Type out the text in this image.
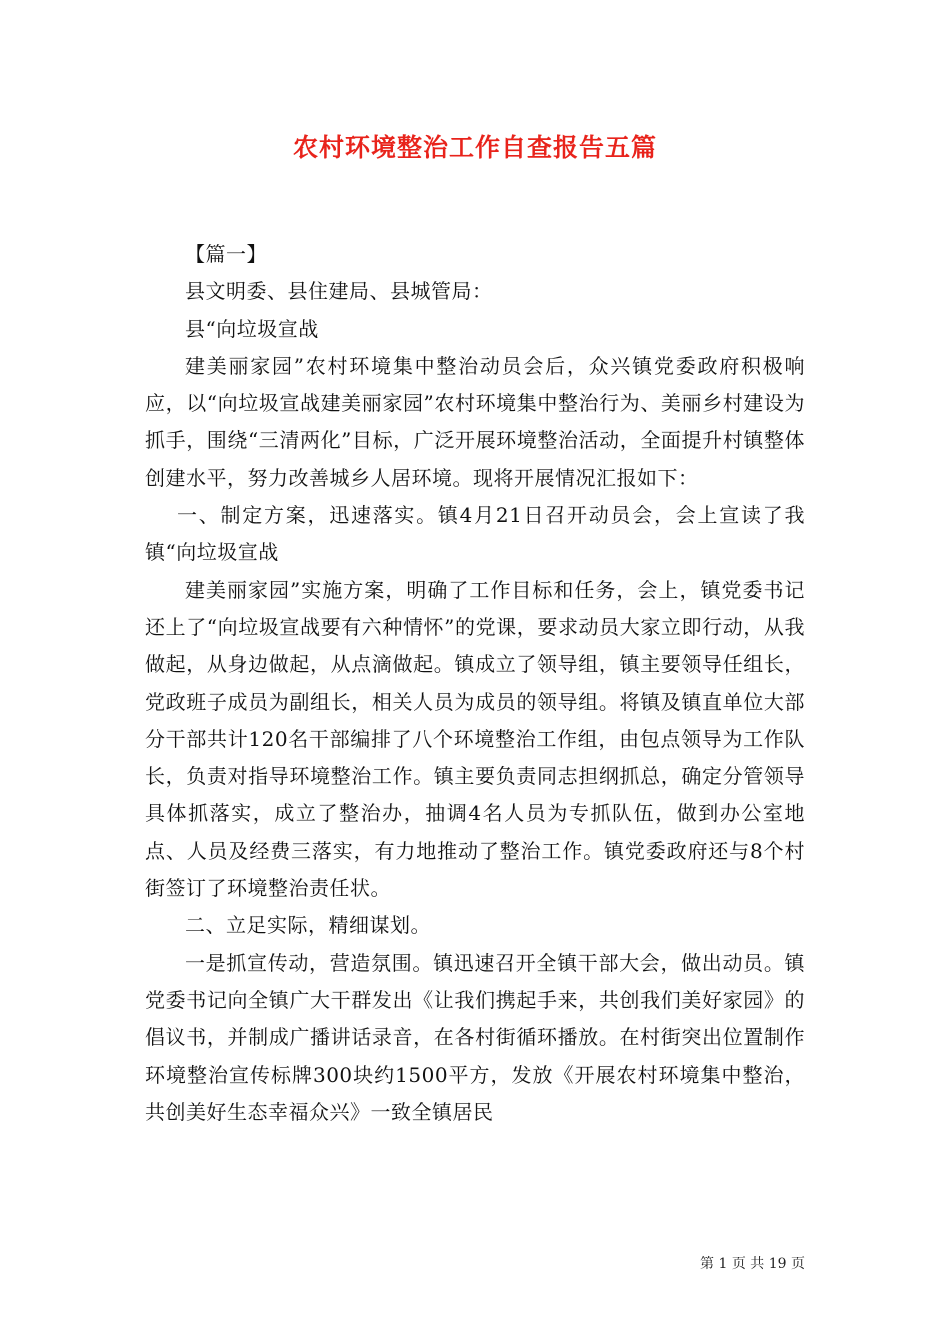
农村环境整治工作自查报告五篇

【篇一】

县文明委、县住建局、县城管局：

县“向垃圾宣战

建美丽家园”农村环境集中整治动员会后，众兴镇党委政府积极响应，以“向垃圾宣战建美丽家园”农村环境集中整治行为、美丽乡村建设为抓手，围绕“三清两化”目标，广泛开展环境整治活动，全面提升村镇整体创建水平，努力改善城乡人居环境。现将开展情况汇报如下：

一、制定方案，迅速落实。镇4月21日召开动员会，会上宣读了我镇“向垃圾宣战

建美丽家园”实施方案，明确了工作目标和任务，会上，镇党委书记还上了“向垃圾宣战要有六种情怀”的党课，要求动员大家立即行动，从我做起，从身边做起，从点滴做起。镇成立了领导组，镇主要领导任组长，党政班子成员为副组长，相关人员为成员的领导组。将镇及镇直单位大部分干部共计120名干部编排了八个环境整治工作组，由包点领导为工作队长，负责对指导环境整治工作。镇主要负责同志担纲抓总，确定分管领导具体抓落实，成立了整治办，抽调4名人员为专抓队伍，做到办公室地点、人员及经费三落实，有力地推动了整治工作。镇党委政府还与8个村街签订了环境整治责任状。

二、立足实际，精细谋划。

一是抓宣传动，营造氛围。镇迅速召开全镇干部大会，做出动员。镇党委书记向全镇广大干群发出《让我们携起手来，共创我们美好家园》的倡议书，并制成广播讲话录音，在各村街循环播放。在村街突出位置制作环境整治宣传标牌300块约1500平方，发放《开展农村环境集中整治，共创美好生态幸福众兴》一致全镇居民

第 1 页 共 19 页
